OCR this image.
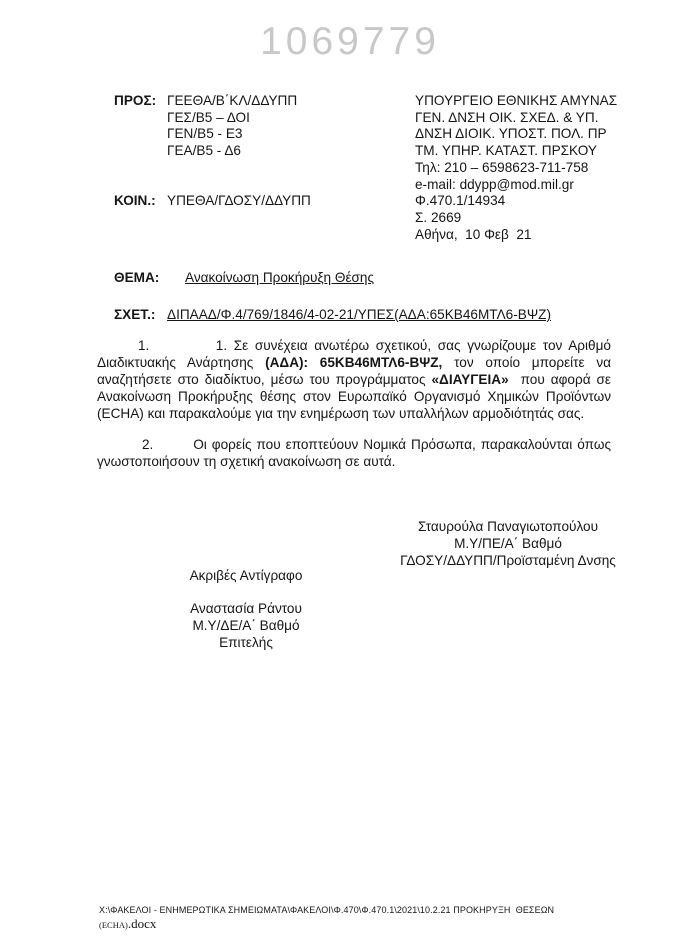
1069779
ΠΡΟΣ: ΓΕΕΘΑ/Β΄ΚΛ/ΔΔΥΠΠ
ΓΕΣ/Β5 – ΔΟΙ
ΓΕΝ/Β5 - Ε3
ΓΕΑ/Β5 - Δ6
ΚΟΙΝ.: ΥΠΕΘΑ/ΓΔΟΣΥ/ΔΔΥΠΠ
ΥΠΟΥΡΓΕΙΟ ΕΘΝΙΚΗΣ ΑΜΥΝΑΣ
ΓΕΝ. ΔΝΣΗ ΟΙΚ. ΣΧΕΔ. & ΥΠ.
ΔΝΣΗ ΔΙΟΙΚ. ΥΠΟΣΤ. ΠΟΛ. ΠΡ
ΤΜ. ΥΠΗΡ. ΚΑΤΑΣΤ. ΠΡΣΚΟΥ
Τηλ: 210 – 6598623-711-758
e-mail: ddypp@mod.mil.gr
Φ.470.1/14934
Σ. 2669
Αθήνα,  10 Φεβ  21
ΘΕΜΑ:	Ανακοίνωση Προκήρυξη Θέσης
ΣΧΕΤ.: ΔΙΠΑΑΔ/Φ.4/769/1846/4-02-21/ΥΠΕΣ(ΑΔΑ:65ΚΒ46ΜΤΛ6-ΒΨΖ)
1.          1. Σε συνέχεια ανωτέρω σχετικού, σας γνωρίζουμε τον Αριθμό Διαδικτυακής Ανάρτησης (ΑΔΑ): 65ΚΒ46ΜΤΛ6-ΒΨΖ, τον οποίο μπορείτε να αναζητήσετε στο διαδίκτυο, μέσω του προγράμματος «ΔΙΑΥΓΕΙΑ»  που αφορά σε Ανακοίνωση Προκήρυξης θέσης στον Ευρωπαϊκό Οργανισμό Χημικών Προϊόντων (ECHA) και παρακαλούμε για την ενημέρωση των υπαλλήλων αρμοδιότητάς σας.
2.        Οι φορείς που εποπτεύουν Νομικά Πρόσωπα, παρακαλούνται όπως γνωστοποιήσουν τη σχετική ανακοίνωση σε αυτά.
Σταυρούλα Παναγιωτοπούλου
Μ.Υ/ΠΕ/Α΄ Βαθμό
ΓΔΟΣΥ/ΔΔΥΠΠ/Προϊσταμένη Δνσης
Ακριβές Αντίγραφο
Αναστασία Ράντου
Μ.Υ/ΔΕ/Α΄ Βαθμό
Επιτελής
Χ:\ΦΑΚΕΛΟΙ - ΕΝΗΜΕΡΩΤΙΚΑ ΣΗΜΕΙΩΜΑΤΑ\ΦΑΚΕΛΟΙ\Φ.470\Φ.470.1\2021\10.2.21 ΠΡΟΚΗΡΥΞΗ  ΘΕΣΕΩΝ
(ECHA).docx
